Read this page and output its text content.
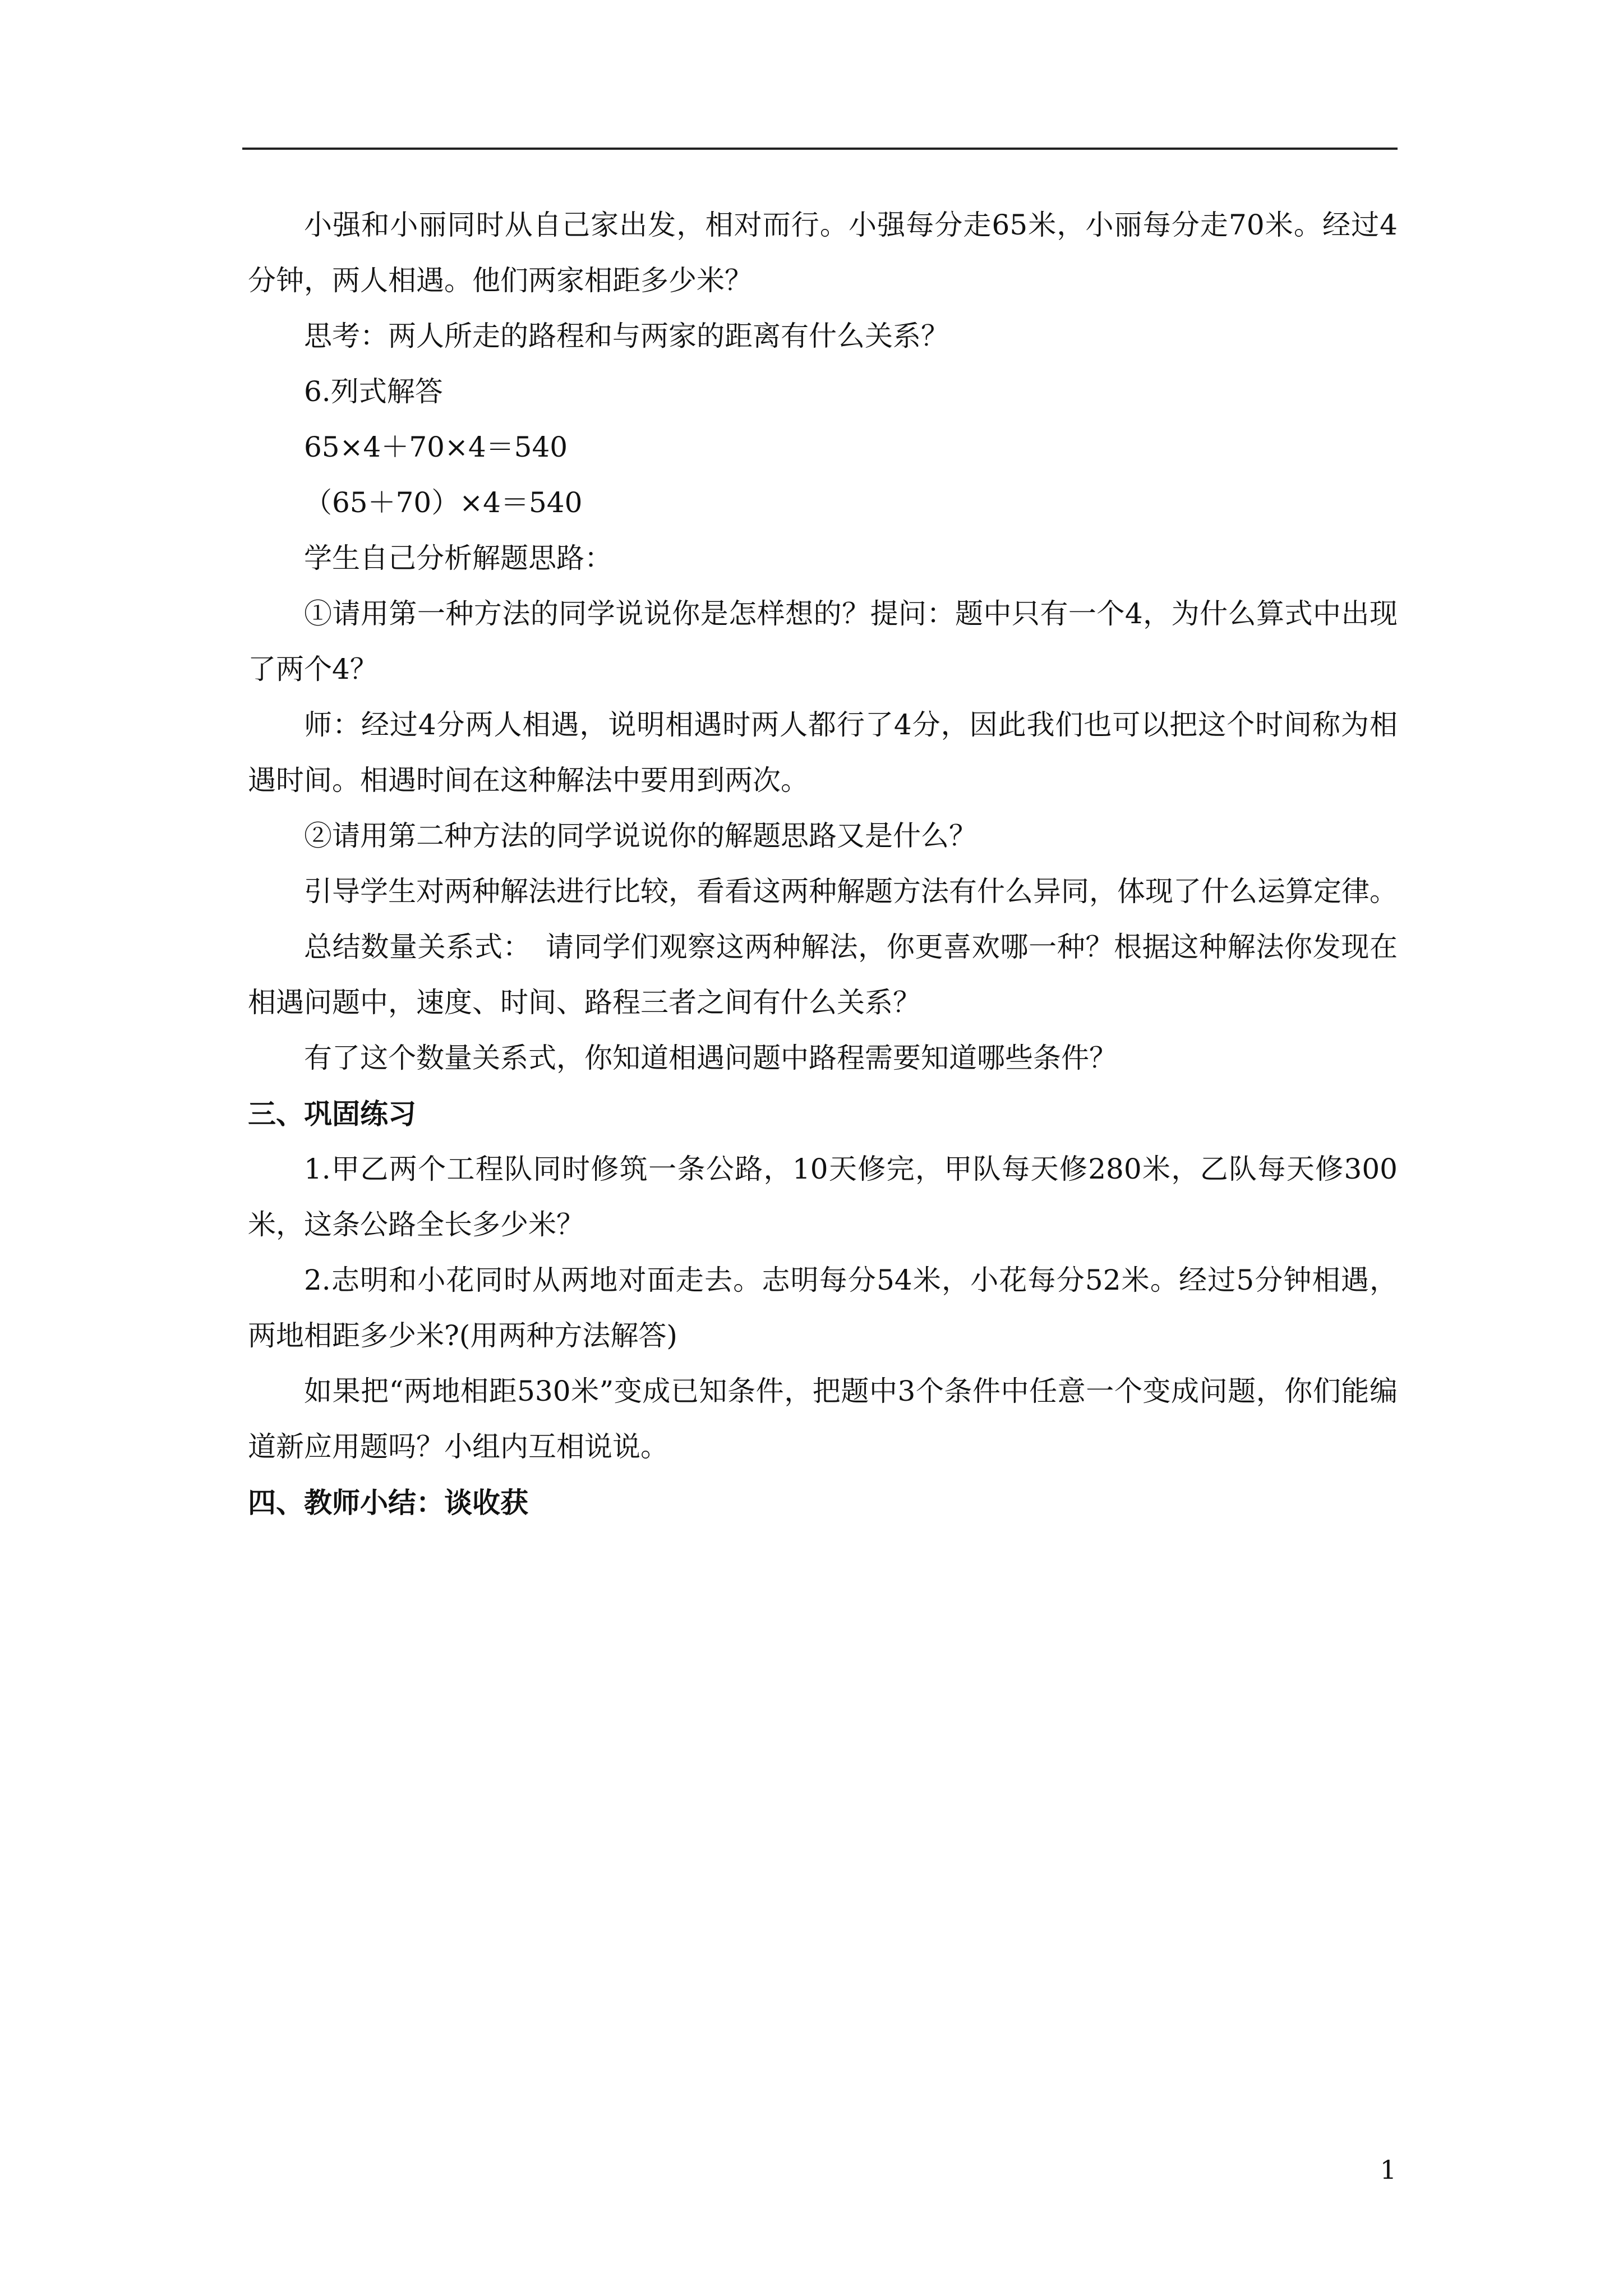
小强和小丽同时从自己家出发，相对而行。小强每分走65米，小丽每分走70米。经过4分钟，两人相遇。他们两家相距多少米？

思考：两人所走的路程和与两家的距离有什么关系？

6.列式解答

65×4＋70×4＝540

（65＋70）×4＝540

学生自己分析解题思路：

①请用第一种方法的同学说说你是怎样想的？提问：题中只有一个4，为什么算式中出现了两个4？

师：经过4分两人相遇，说明相遇时两人都行了4分，因此我们也可以把这个时间称为相遇时间。相遇时间在这种解法中要用到两次。

②请用第二种方法的同学说说你的解题思路又是什么？

引导学生对两种解法进行比较，看看这两种解题方法有什么异同，体现了什么运算定律。

总结数量关系式：　请同学们观察这两种解法，你更喜欢哪一种？根据这种解法你发现在相遇问题中，速度、时间、路程三者之间有什么关系？

有了这个数量关系式，你知道相遇问题中路程需要知道哪些条件？

三、巩固练习

1.甲乙两个工程队同时修筑一条公路，10天修完，甲队每天修280米，乙队每天修300米，这条公路全长多少米？

2.志明和小花同时从两地对面走去。志明每分54米，小花每分52米。经过5分钟相遇，两地相距多少米?(用两种方法解答)

如果把“两地相距530米”变成已知条件，把题中3个条件中任意一个变成问题，你们能编道新应用题吗？小组内互相说说。

四、教师小结：谈收获

1
